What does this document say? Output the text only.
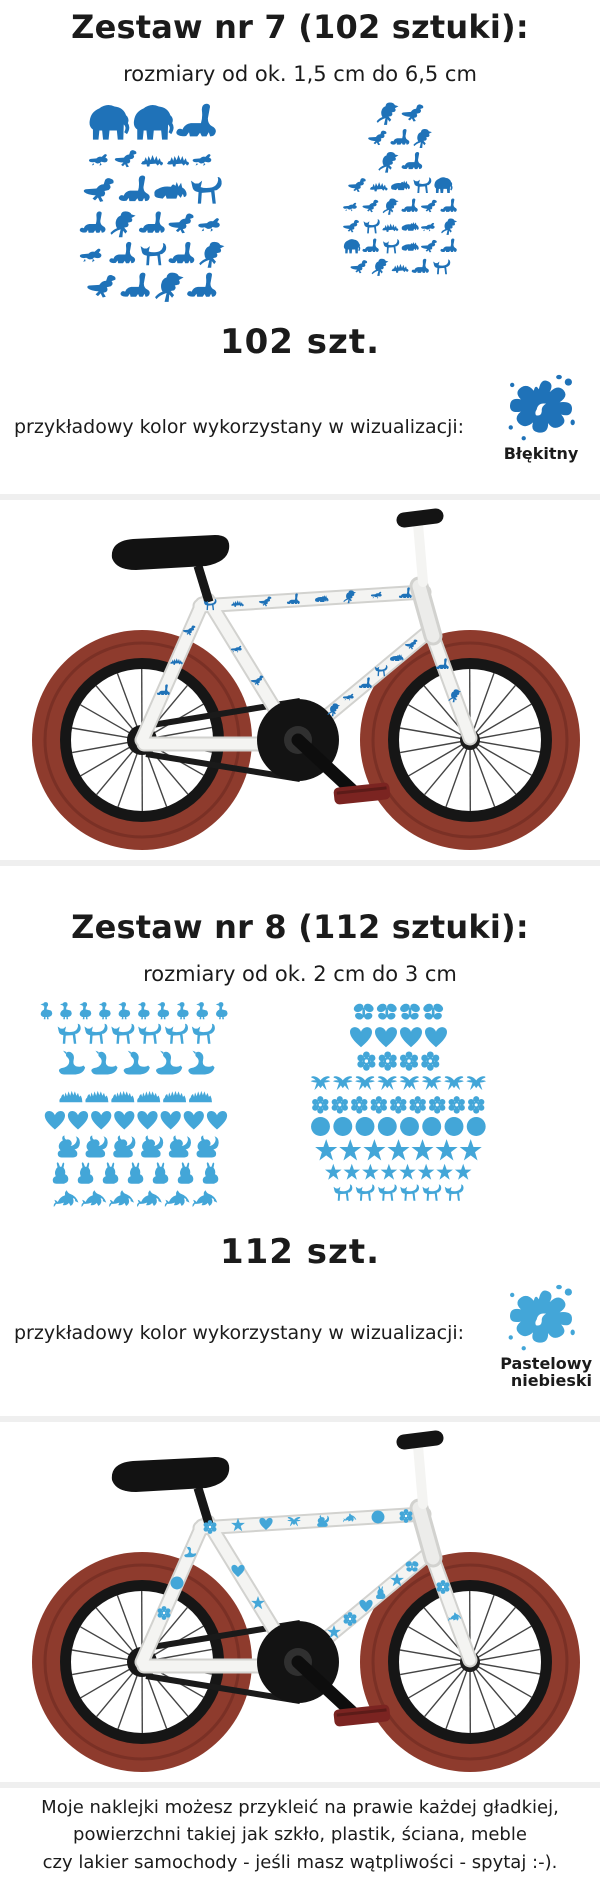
Zestaw nr 7 (102 sztuki):

rozmiary od ok. 1,5 cm do 6,5 cm

102 szt.

przykładowy kolor wykorzystany w wizualizacji:

Błękitny
Zestaw nr 8 (112 sztuki):

rozmiary od ok. 2 cm do 3 cm

112 szt.

przykładowy kolor wykorzystany w wizualizacji:

Pastelowy niebieski
Moje naklejki możesz przykleić na prawie każdej gładkiej,
powierzchni takiej jak szkło, plastik, ściana, meble
czy lakier samochody - jeśli masz wątpliwości - spytaj :-).
